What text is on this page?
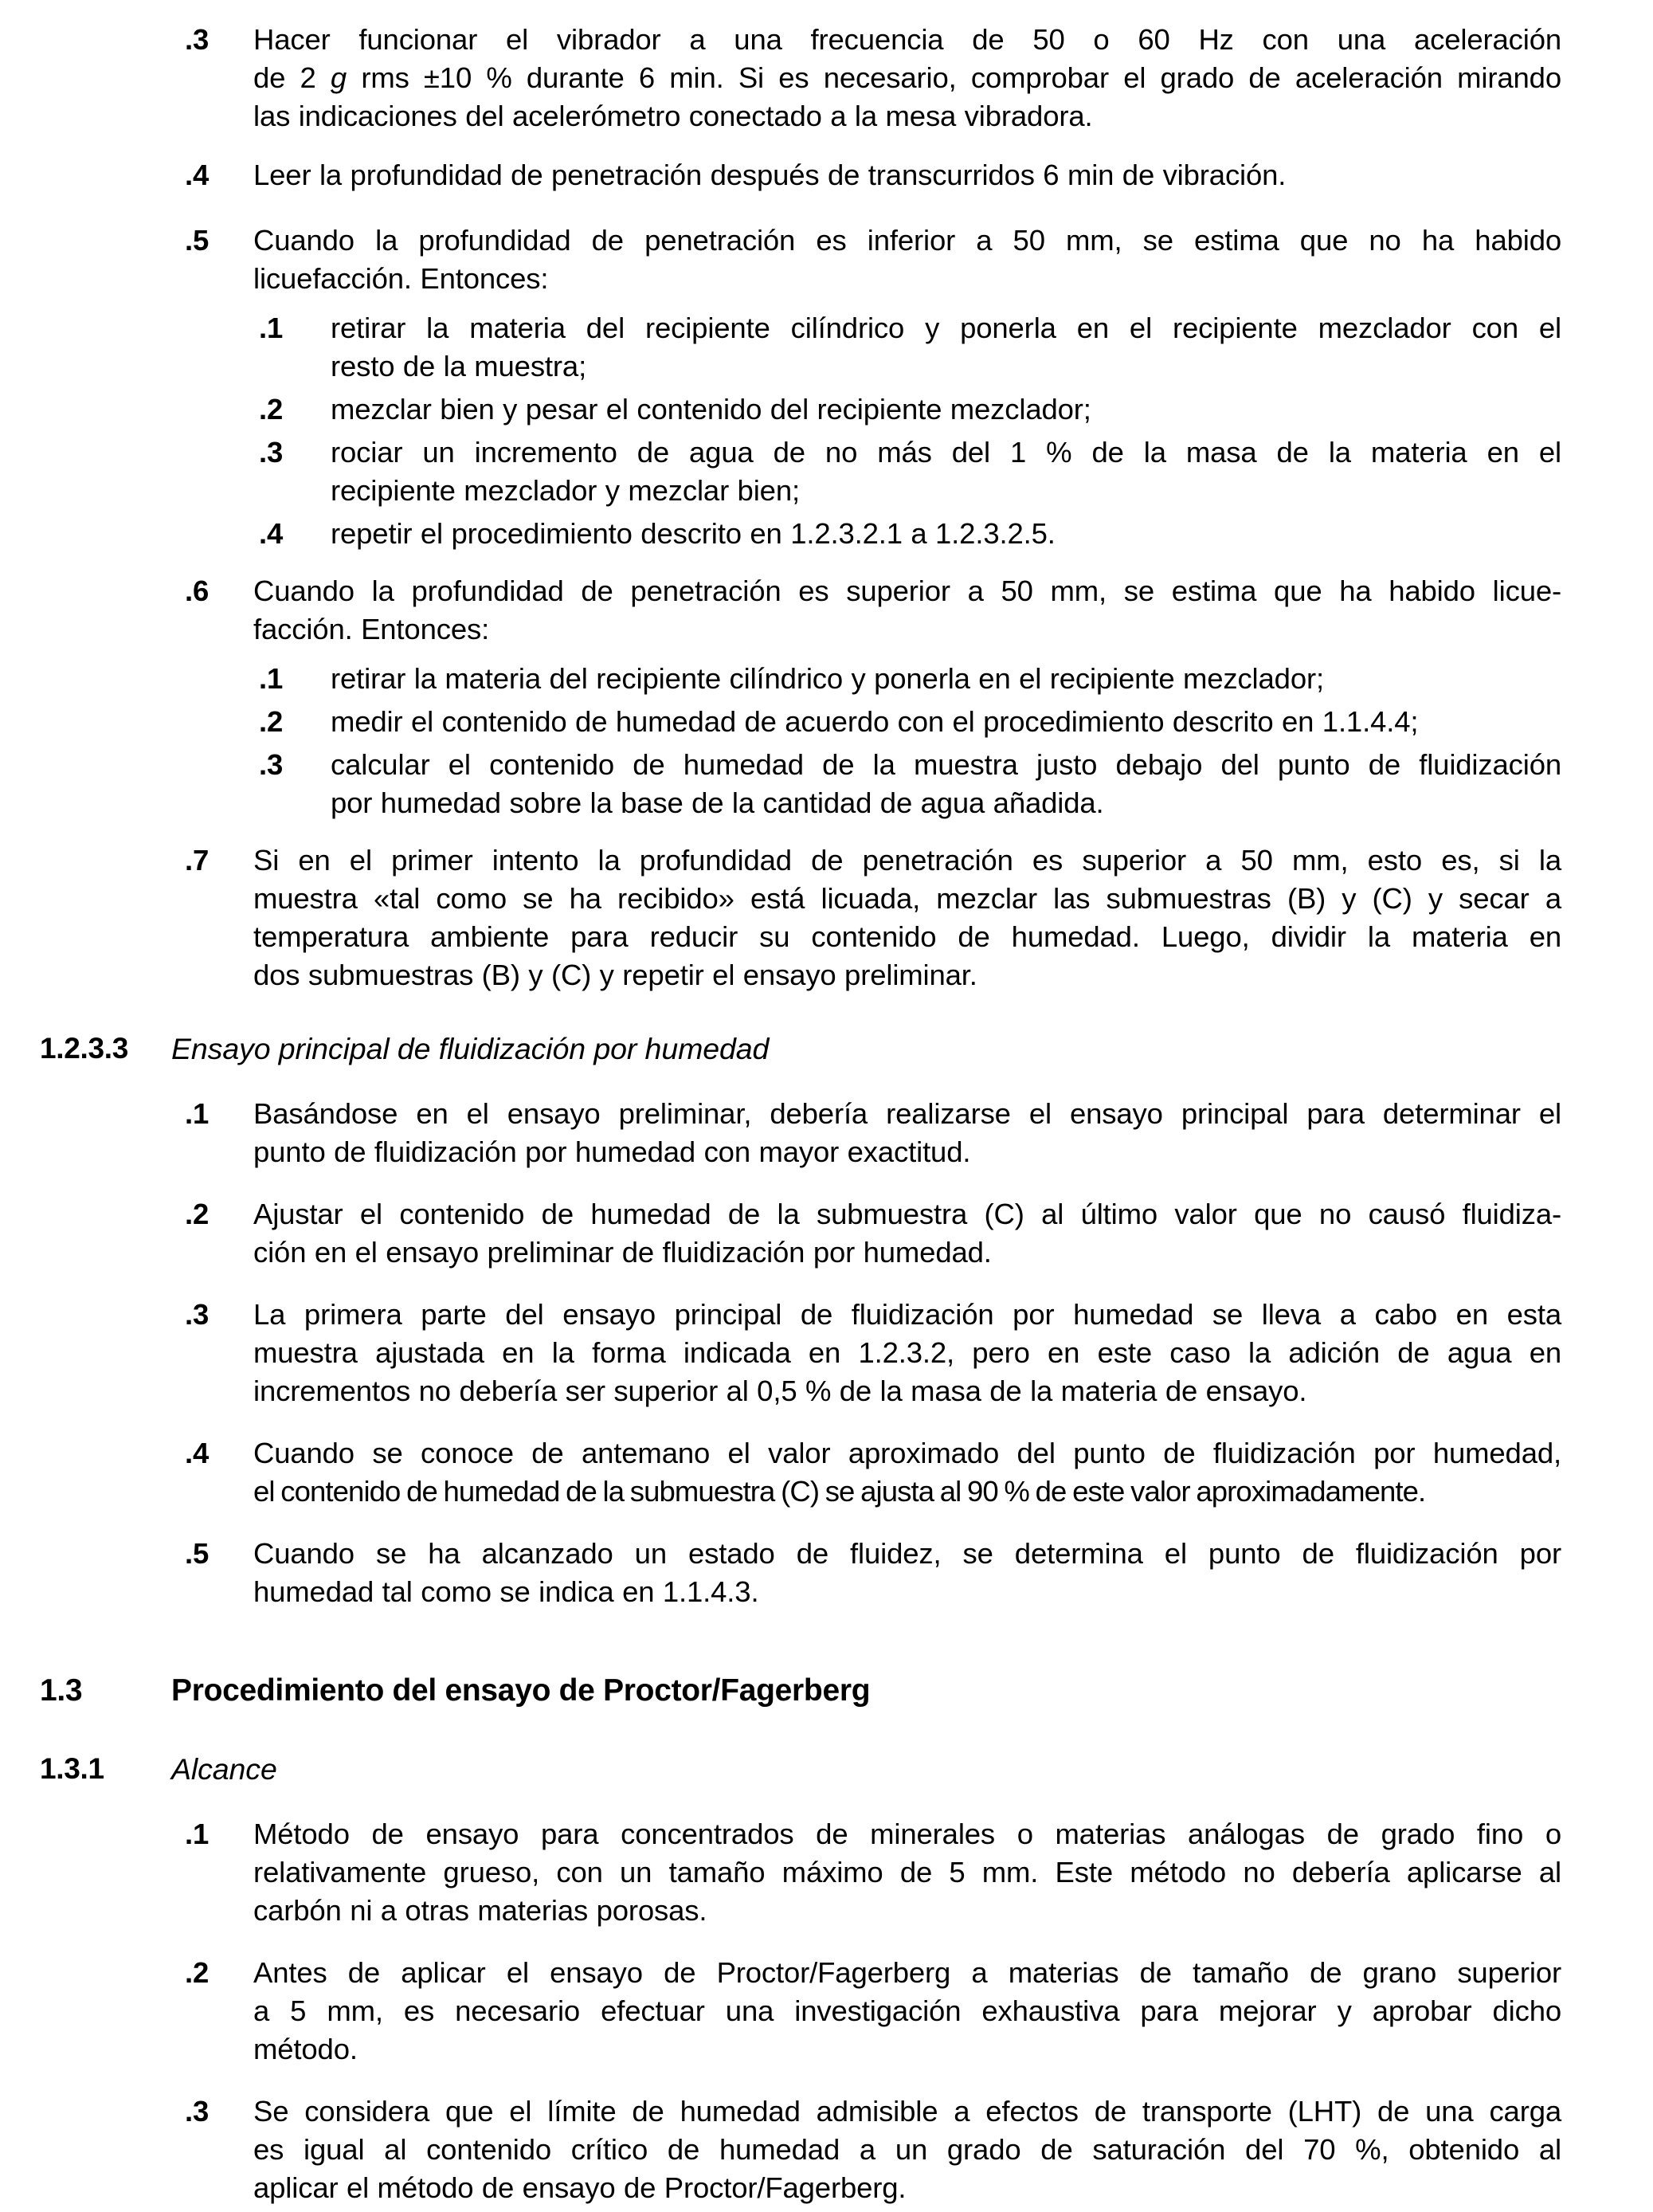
.3	Hacer funcionar el vibrador a una frecuencia de 50 o 60 Hz con una aceleración
de 2 g rms ±10 % durante 6 min. Si es necesario, comprobar el grado de aceleración mirando
las indicaciones del acelerómetro conectado a la mesa vibradora.
.4	Leer la profundidad de penetración después de transcurridos 6 min de vibración.
.5	Cuando la profundidad de penetración es inferior a 50 mm, se estima que no ha habido
licuefacción. Entonces:
.1	retirar la materia del recipiente cilíndrico y ponerla en el recipiente mezclador con el
resto de la muestra;
.2	mezclar bien y pesar el contenido del recipiente mezclador;
.3	rociar un incremento de agua de no más del 1 % de la masa de la materia en el
recipiente mezclador y mezclar bien;
.4	repetir el procedimiento descrito en 1.2.3.2.1 a 1.2.3.2.5.
.6	Cuando la profundidad de penetración es superior a 50 mm, se estima que ha habido licue-
facción. Entonces:
.1	retirar la materia del recipiente cilíndrico y ponerla en el recipiente mezclador;
.2	medir el contenido de humedad de acuerdo con el procedimiento descrito en 1.1.4.4;
.3	calcular el contenido de humedad de la muestra justo debajo del punto de fluidización
por humedad sobre la base de la cantidad de agua añadida.
.7	Si en el primer intento la profundidad de penetración es superior a 50 mm, esto es, si la
muestra «tal como se ha recibido» está licuada, mezclar las submuestras (B) y (C) y secar a
temperatura ambiente para reducir su contenido de humedad. Luego, dividir la materia en
dos submuestras (B) y (C) y repetir el ensayo preliminar.
1.2.3.3 Ensayo principal de fluidización por humedad
.1	Basándose en el ensayo preliminar, debería realizarse el ensayo principal para determinar el
punto de fluidización por humedad con mayor exactitud.
.2	Ajustar el contenido de humedad de la submuestra (C) al último valor que no causó fluidiza-
ción en el ensayo preliminar de fluidización por humedad.
.3	La primera parte del ensayo principal de fluidización por humedad se lleva a cabo en esta
muestra ajustada en la forma indicada en 1.2.3.2, pero en este caso la adición de agua en
incrementos no debería ser superior al 0,5 % de la masa de la materia de ensayo.
.4	Cuando se conoce de antemano el valor aproximado del punto de fluidización por humedad,
el contenido de humedad de la submuestra (C) se ajusta al 90 % de este valor aproximadamente.
.5	Cuando se ha alcanzado un estado de fluidez, se determina el punto de fluidización por
humedad tal como se indica en 1.1.4.3.
1.3	Procedimiento del ensayo de Proctor/Fagerberg
1.3.1 Alcance
.1	Método de ensayo para concentrados de minerales o materias análogas de grado fino o
relativamente grueso, con un tamaño máximo de 5 mm. Este método no debería aplicarse al
carbón ni a otras materias porosas.
.2	Antes de aplicar el ensayo de Proctor/Fagerberg a materias de tamaño de grano superior
a 5 mm, es necesario efectuar una investigación exhaustiva para mejorar y aprobar dicho
método.
.3	Se considera que el límite de humedad admisible a efectos de transporte (LHT) de una carga
es igual al contenido crítico de humedad a un grado de saturación del 70 %, obtenido al
aplicar el método de ensayo de Proctor/Fagerberg.
